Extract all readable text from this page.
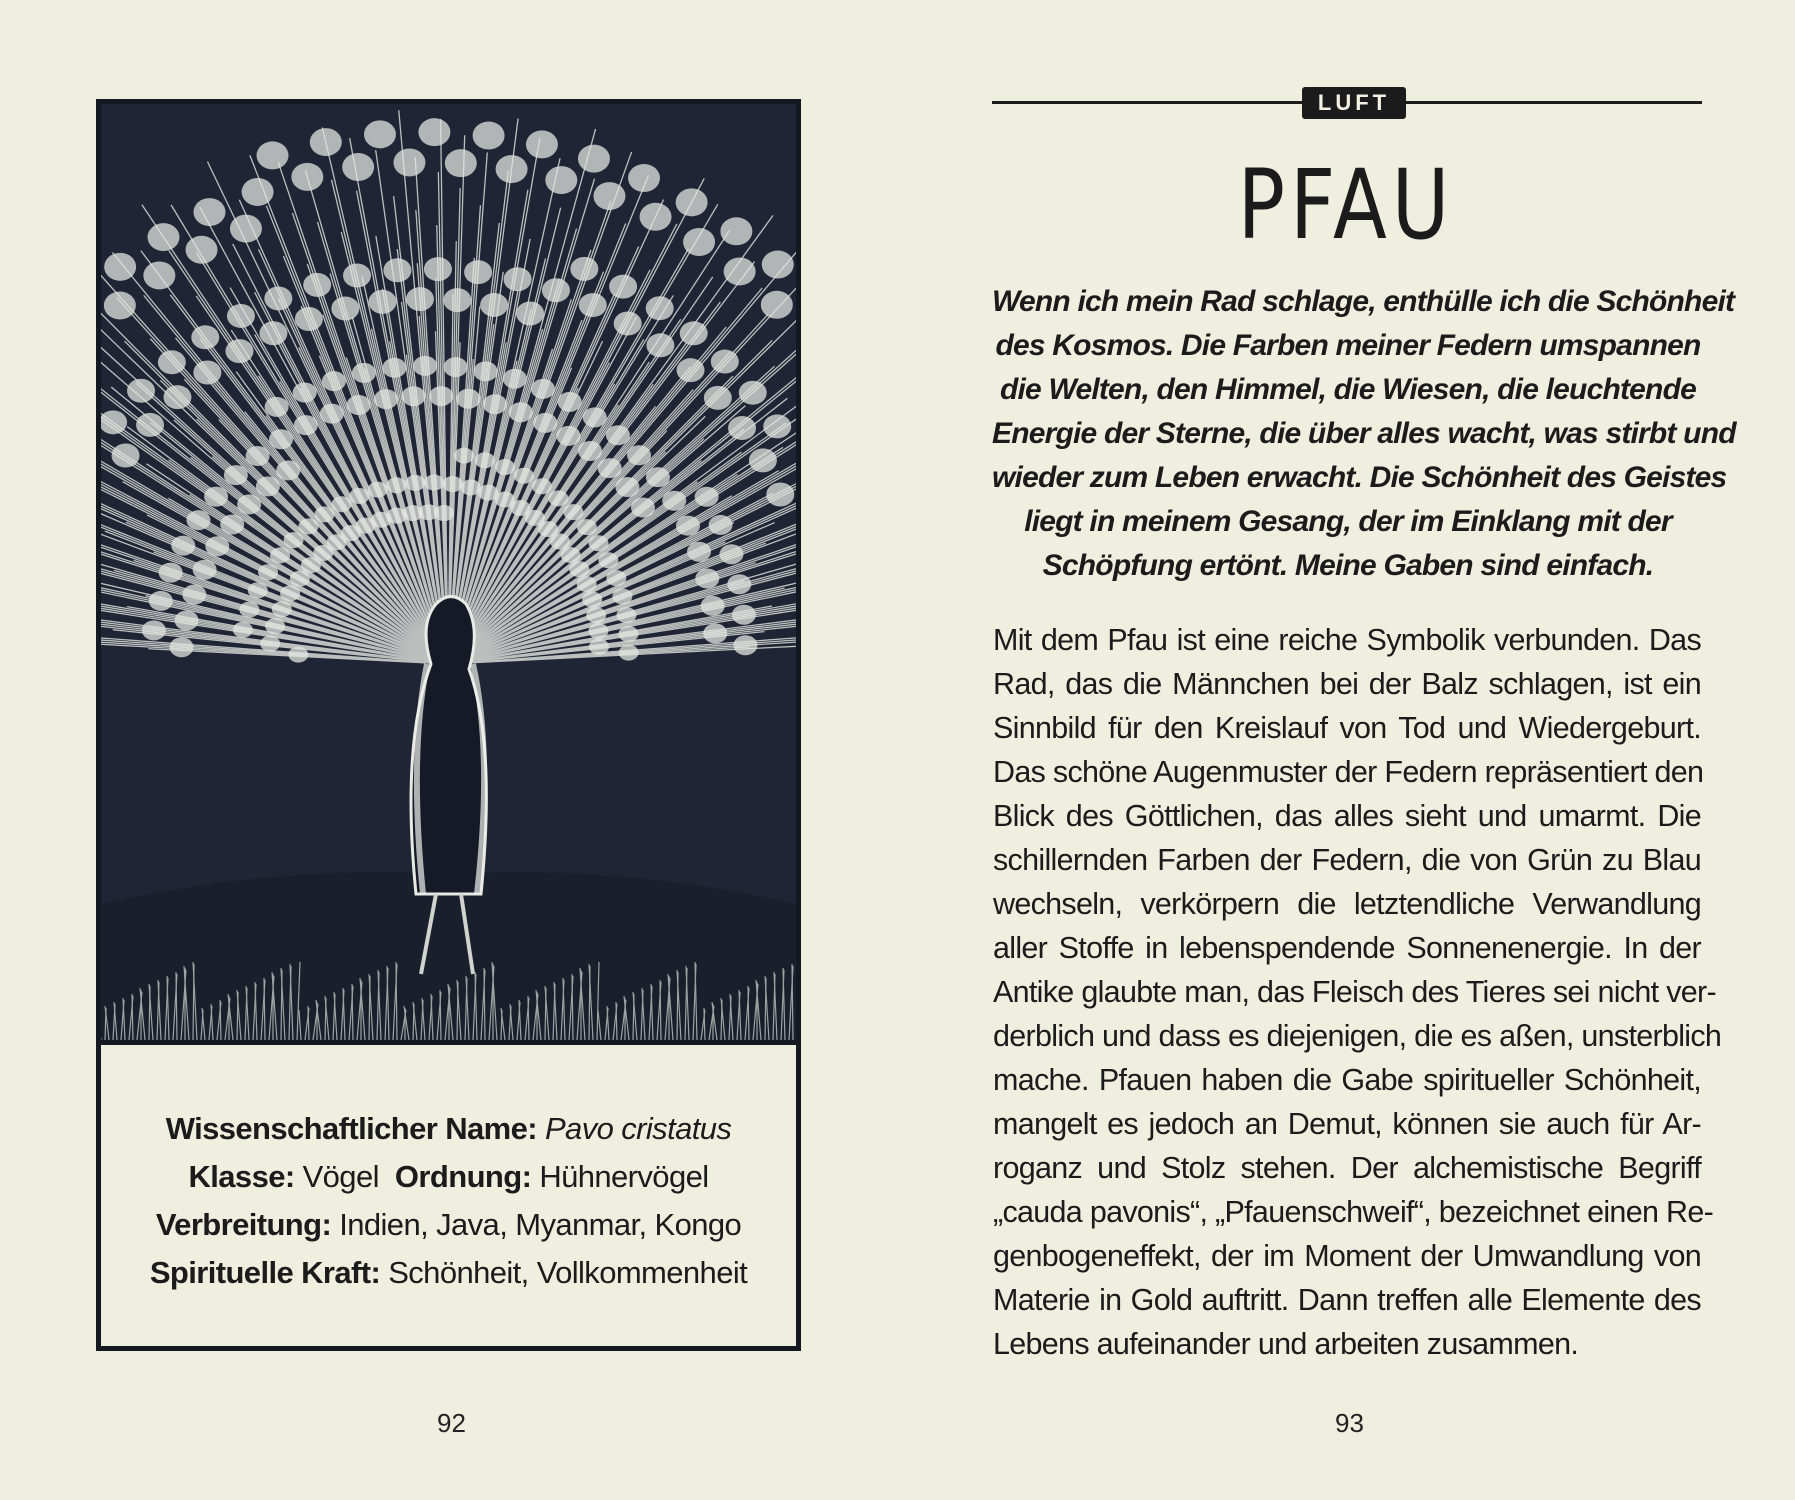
Wissenschaftlicher Name: Pavo cristatus
Klasse: Vögel Ordnung: Hühnervögel
Verbreitung: Indien, Java, Myanmar, Kongo
Spirituelle Kraft: Schönheit, Vollkommenheit
92
LUFT
PFAU
Wenn ich mein Rad schlage, enthülle ich die Schönheit
des Kosmos. Die Farben meiner Federn umspannen
die Welten, den Himmel, die Wiesen, die leuchtende
Energie der Sterne, die über alles wacht, was stirbt und
wieder zum Leben erwacht. Die Schönheit des Geistes
liegt in meinem Gesang, der im Einklang mit der
Schöpfung ertönt. Meine Gaben sind einfach.
Mit dem Pfau ist eine reiche Symbolik verbunden. Das
Rad, das die Männchen bei der Balz schlagen, ist ein
Sinnbild für den Kreislauf von Tod und Wiedergeburt.
Das schöne Augenmuster der Federn repräsentiert den
Blick des Göttlichen, das alles sieht und umarmt. Die
schillernden Farben der Federn, die von Grün zu Blau
wechseln, verkörpern die letztendliche Verwandlung
aller Stoffe in lebenspendende Sonnenenergie. In der
Antike glaubte man, das Fleisch des Tieres sei nicht ver-
derblich und dass es diejenigen, die es aßen, unsterblich
mache. Pfauen haben die Gabe spiritueller Schönheit,
mangelt es jedoch an Demut, können sie auch für Ar-
roganz und Stolz stehen. Der alchemistische Begriff
„cauda pavonis“, „Pfauenschweif“, bezeichnet einen Re-
genbogeneffekt, der im Moment der Umwandlung von
Materie in Gold auftritt. Dann treffen alle Elemente des
Lebens aufeinander und arbeiten zusammen.
93
